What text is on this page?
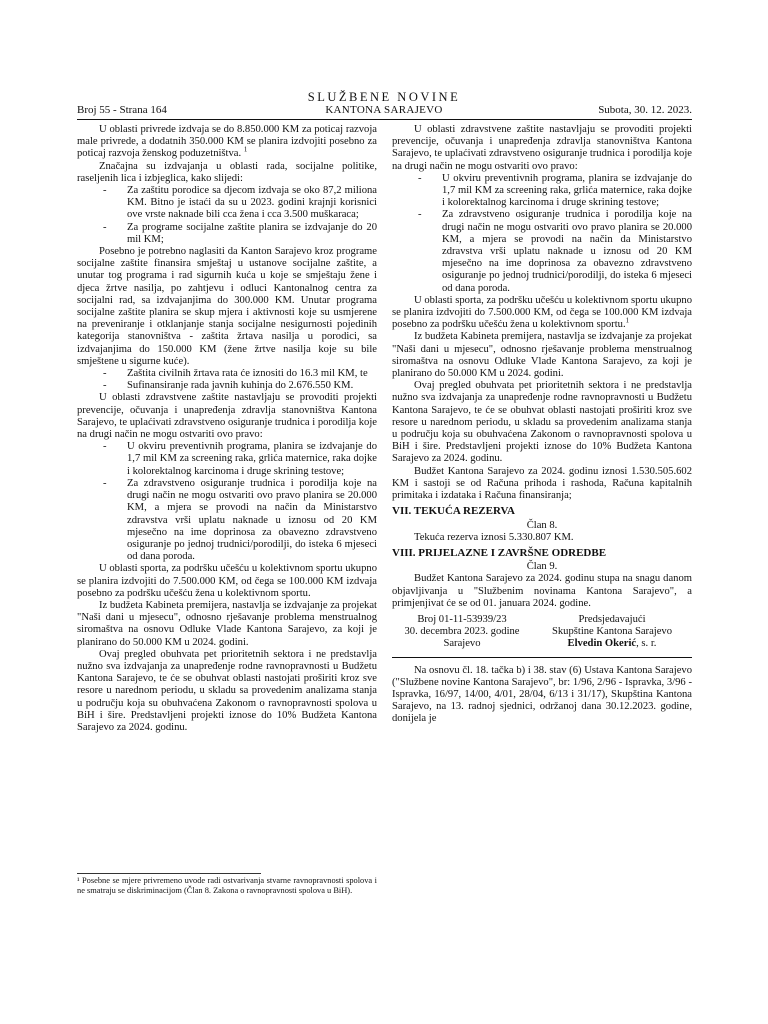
SLUŽBENE NOVINE
KANTONA SARAJEVO
Broj 55 - Strana 164	Subota, 30. 12. 2023.

U oblasti privrede izdvaja se do 8.850.000 KM za poticaj razvoja male privrede, a dodatnih 350.000 KM se planira izdvojiti posebno za poticaj razvoja ženskog poduzetništva. $^1$

Značajna su izdvajanja u oblasti rada, socijalne politike, raseljenih lica i izbjeglica, kako slijedi:

-	Za zaštitu porodice sa djecom izdvaja se oko 87,2 miliona KM. Bitno je istaći da su u 2023. godini krajnji korisnici ove vrste naknade bili cca žena i cca 3.500 muškaraca;
-	Za programe socijalne zaštite planira se izdvajanje do 20 mil KM;

Posebno je potrebno naglasiti da Kanton Sarajevo kroz programe socijalne zaštite finansira smještaj u ustanove socijalne zaštite, a unutar tog programa i rad sigurnih kuća u koje se smještaju žene i djeca žrtve nasilja, po zahtjevu i odluci Kantonalnog centra za socijalni rad, sa izdvajanjima do 300.000 KM. Unutar programa socijalne zaštite planira se skup mjera i aktivnosti koje su usmjerene na preveniranje i otklanjanje stanja socijalne nesigurnosti pojedinih kategorija stanovništva - zaštita žrtava nasilja u porodici, sa izdvajanjima do 150.000 KM (žene žrtve nasilja koje su bile smještene u sigurne kuće).

-	Zaštita civilnih žrtava rata će iznositi do 16.3 mil KM, te
-	Sufinansiranje rada javnih kuhinja do 2.676.550 KM.

U oblasti zdravstvene zaštite nastavljaju se provoditi projekti prevencije, očuvanja i unapređenja zdravlja stanovništva Kantona Sarajevo, te uplaćivati zdravstveno osiguranje trudnica i porodilja koje na drugi način ne mogu ostvariti ovo pravo:

-	U okviru preventivnih programa, planira se izdvajanje do 1,7 mil KM za screening raka, grlića maternice, raka dojke i kolorektalnog karcinoma i druge skrining testove;
-	Za zdravstveno osiguranje trudnica i porodilja koje na drugi način ne mogu ostvariti ovo pravo planira se 20.000 KM, a mjera se provodi na način da Ministarstvo zdravstva vrši uplatu naknade u iznosu od 20 KM mjesečno na ime doprinosa za obavezno zdravstveno osiguranje po jednoj trudnici/porodilji, do isteka 6 mjeseci od dana poroda.

U oblasti sporta, za podršku učešću u kolektivnom sportu ukupno se planira izdvojiti do 7.500.000 KM, od čega se 100.000 KM izdvaja posebno za podršku učešću žena u kolektivnom sportu.

Iz budžeta Kabineta premijera, nastavlja se izdvajanje za projekat "Naši dani u mjesecu", odnosno rješavanje problema menstrualnog siromaštva na osnovu Odluke Vlade Kantona Sarajevo, za koji je planirano do 50.000 KM u 2024. godini.

Ovaj pregled obuhvata pet prioritetnih sektora i ne predstavlja nužno sva izdvajanja za unapređenje rodne ravnopravnosti u Budžetu Kantona Sarajevo, te će se obuhvat oblasti nastojati proširiti kroz sve resore u narednom periodu, u skladu sa provedenim analizama stanja u području koja su obuhvaćena Zakonom o ravnopravnosti spolova u BiH i šire. Predstavljeni projekti iznose do 10% Budžeta Kantona Sarajevo za 2024. godinu.

U oblasti zdravstvene zaštite nastavljaju se provoditi projekti prevencije, očuvanja i unapređenja zdravlja stanovništva Kantona Sarajevo, te uplaćivati zdravstveno osiguranje trudnica i porodilja koje na drugi način ne mogu ostvariti ovo pravo:

-	U okviru preventivnih programa, planira se izdvajanje do 1,7 mil KM za screening raka, grlića maternice, raka dojke i kolorektalnog karcinoma i druge skrining testove;
-	Za zdravstveno osiguranje trudnica i porodilja koje na drugi način ne mogu ostvariti ovo pravo planira se 20.000 KM, a mjera se provodi na način da Ministarstvo zdravstva vrši uplatu naknade u iznosu od 20 KM mjesečno na ime doprinosa za obavezno zdravstveno osiguranje po jednoj trudnici/porodilji, do isteka 6 mjeseci od dana poroda.

U oblasti sporta, za podršku učešću u kolektivnom sportu ukupno se planira izdvojiti do 7.500.000 KM, od čega se 100.000 KM izdvaja posebno za podršku učešću žena u kolektivnom sportu.$^1$

Iz budžeta Kabineta premijera, nastavlja se izdvajanje za projekat "Naši dani u mjesecu", odnosno rješavanje problema menstrualnog siromaštva na osnovu Odluke Vlade Kantona Sarajevo, za koji je planirano do 50.000 KM u 2024. godini.

Ovaj pregled obuhvata pet prioritetnih sektora i ne predstavlja nužno sva izdvajanja za unapređenje rodne ravnopravnosti u Budžetu Kantona Sarajevo, te će se obuhvat oblasti nastojati proširiti kroz sve resore u narednom periodu, u skladu sa provedenim analizama stanja u području koja su obuhvaćena Zakonom o ravnopravnosti spolova u BiH i šire. Predstavljeni projekti iznose do 10% Budžeta Kantona Sarajevo za 2024. godinu.

Budžet Kantona Sarajevo za 2024. godinu iznosi 1.530.505.602 KM i sastoji se od Računa prihoda i rashoda, Računa kapitalnih primitaka i izdataka i Računa finansiranja;

VII. TEKUĆA REZERVA

Član 8.

Tekuća rezerva iznosi 5.330.807 KM.

VIII. PRIJELAZNE I ZAVRŠNE ODREDBE

Član 9.

Budžet Kantona Sarajevo za 2024. godinu stupa na snagu danom objavljivanja u "Službenim novinama Kantona Sarajevo", a primjenjivat će se od 01. januara 2024. godine.

Broj 01-11-53939/23
30. decembra 2023. godine
Sarajevo
Predsjedavajući
Skupštine Kantona Sarajevo
Elvedin Okerić, s. r.

Na osnovu čl. 18. tačka b) i 38. stav (6) Ustava Kantona Sarajevo ("Službene novine Kantona Sarajevo", br: 1/96, 2/96 - Ispravka, 3/96 - Ispravka, 16/97, 14/00, 4/01, 28/04, 6/13 i 31/17), Skupština Kantona Sarajevo, na 13. radnoj sjednici, održanoj dana 30.12.2023. godine, donijela je

¹ Posebne se mjere privremeno uvode radi ostvarivanja stvarne ravnopravnosti spolova i ne smatraju se diskriminacijom (Član 8. Zakona o ravnopravnosti spolova u BiH).
